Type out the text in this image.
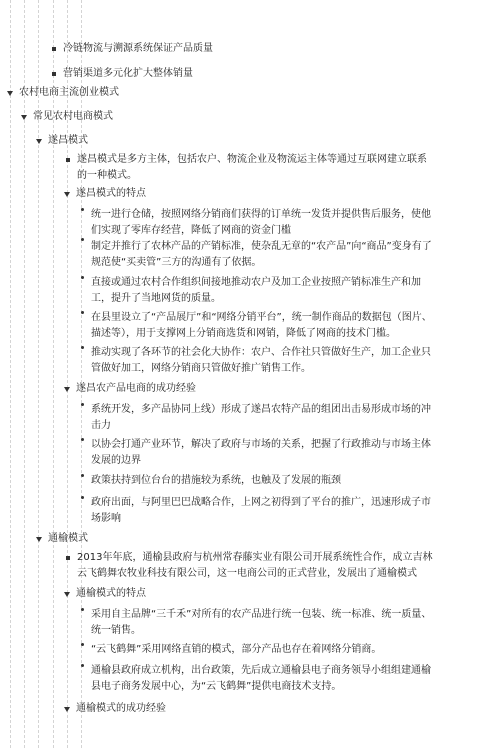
冷链物流与溯源系统保证产品质量
营销渠道多元化扩大整体销量
农村电商主流创业模式
常见农村电商模式
遂昌模式
遂昌模式是多方主体，包括农户、物流企业及物流运主体等通过互联网建立联系
的一种模式。
遂昌模式的特点
统一进行仓储，按照网络分销商们获得的订单统一发货并提供售后服务，使他
们实现了零库存经营，降低了网商的资金门槛
制定并推行了农林产品的产销标准，使杂乱无章的“农产品”向“商品”变身有了
规范使“买卖管”三方的沟通有了依据。
直接或通过农村合作组织间接地推动农户及加工企业按照产销标准生产和加
工，提升了当地网货的质量。
在县里设立了“产品展厅”和“网络分销平台”，统一制作商品的数据包（图片、
描述等），用于支撑网上分销商选货和网销，降低了网商的技术门槛。
推动实现了各环节的社会化大协作：农户、合作社只管做好生产，加工企业只
管做好加工，网络分销商只管做好推广销售工作。
遂昌农产品电商的成功经验
系统开发，多产品协同上线）形成了遂昌农特产品的组团出击易形成市场的冲
击力
以协会打通产业环节，解决了政府与市场的关系，把握了行政推动与市场主体
发展的边界
政策扶持到位台台的措施较为系统，也触及了发展的瓶颈
政府出面，与阿里巴巴战略合作，上网之初得到了平台的推广，迅速形成子市
场影响
通榆模式
2013年年底，通榆县政府与杭州常春藤实业有限公司开展系统性合作，成立吉林
云飞鹤舞农牧业科技有限公司，这一电商公司的正式营业，发展出了通榆模式
通榆模式的特点
采用自主品牌“三千禾”对所有的农产品进行统一包装、统一标准、统一质量、
统一销售。
“云飞鹤舞”采用网络直销的模式，部分产品也存在着网络分销商。
通榆县政府成立机构，出台政策，先后成立通榆县电子商务领导小组组建通榆
县电子商务发展中心，为“云飞鹤舞”提供电商技术支持。
通榆模式的成功经验
